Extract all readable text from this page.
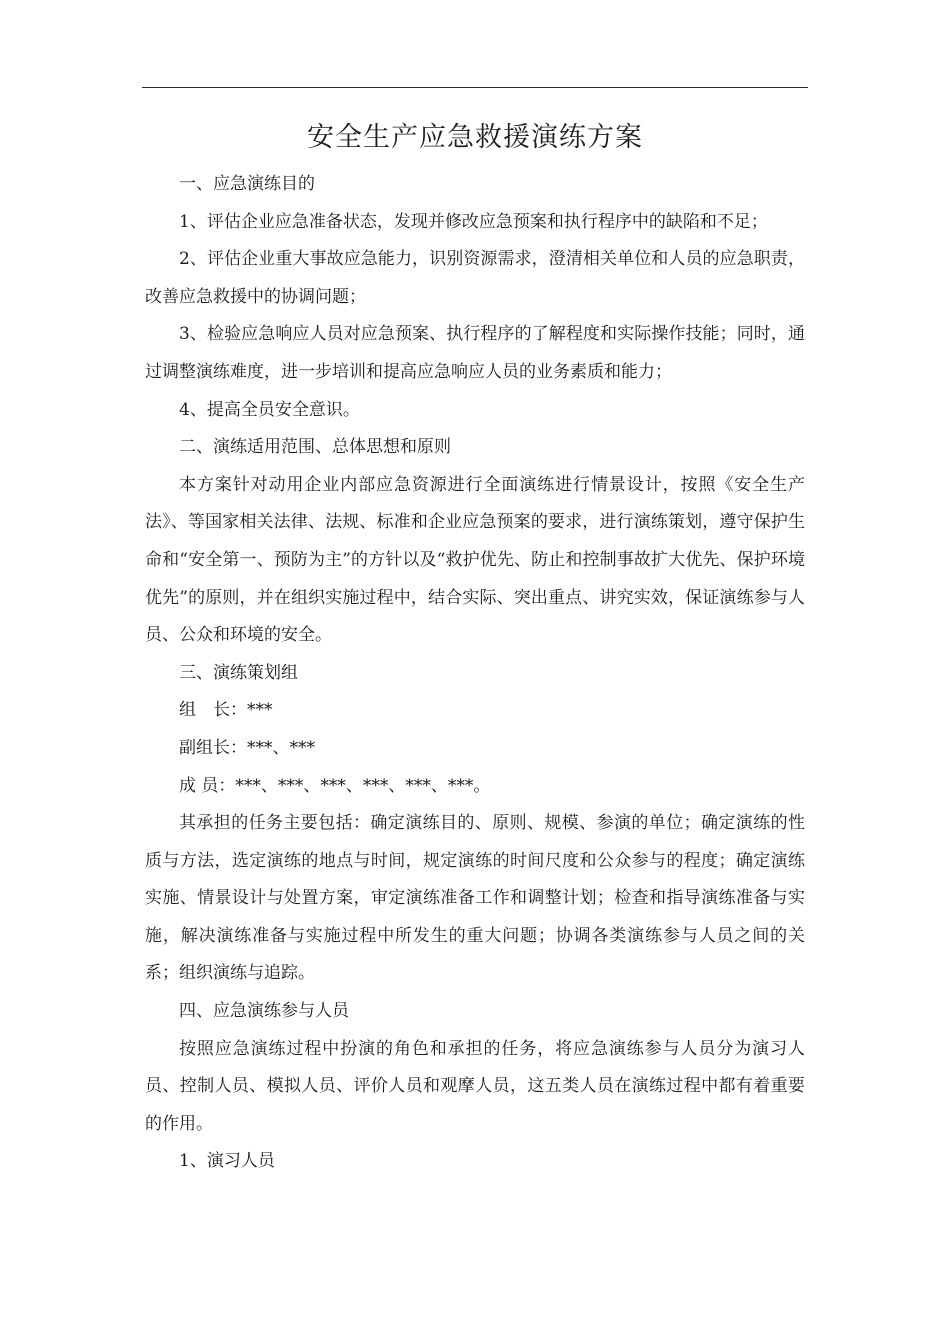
安全生产应急救援演练方案

一、应急演练目的

1、评估企业应急准备状态，发现并修改应急预案和执行程序中的缺陷和不足；

2、评估企业重大事故应急能力，识别资源需求，澄清相关单位和人员的应急职责，改善应急救援中的协调问题；

3、检验应急响应人员对应急预案、执行程序的了解程度和实际操作技能；同时，通过调整演练难度，进一步培训和提高应急响应人员的业务素质和能力；

4、提高全员安全意识。

二、演练适用范围、总体思想和原则

本方案针对动用企业内部应急资源进行全面演练进行情景设计，按照《安全生产法》、等国家相关法律、法规、标准和企业应急预案的要求，进行演练策划，遵守保护生命和“安全第一、预防为主”的方针以及“救护优先、防止和控制事故扩大优先、保护环境优先”的原则，并在组织实施过程中，结合实际、突出重点、讲究实效，保证演练参与人员、公众和环境的安全。

三、演练策划组

组　长：***

副组长：***、***

成 员：***、***、***、***、***、***。

其承担的任务主要包括：确定演练目的、原则、规模、参演的单位；确定演练的性质与方法，选定演练的地点与时间，规定演练的时间尺度和公众参与的程度；确定演练实施、情景设计与处置方案，审定演练准备工作和调整计划；检查和指导演练准备与实施，解决演练准备与实施过程中所发生的重大问题；协调各类演练参与人员之间的关系；组织演练与追踪。

四、应急演练参与人员

按照应急演练过程中扮演的角色和承担的任务，将应急演练参与人员分为演习人员、控制人员、模拟人员、评价人员和观摩人员，这五类人员在演练过程中都有着重要的作用。

1、演习人员
